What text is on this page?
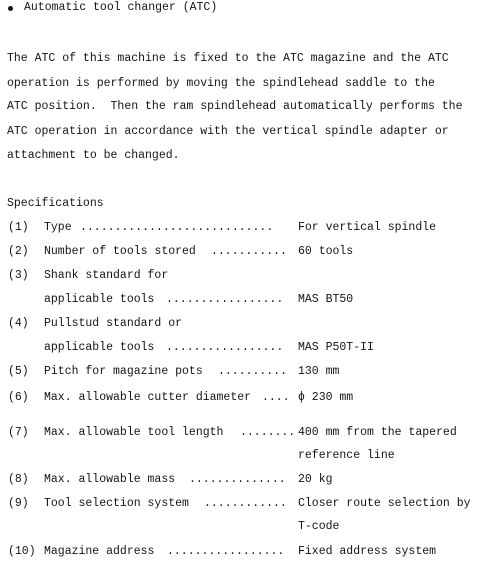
Automatic tool changer (ATC)
The ATC of this machine is fixed to the ATC magazine and the ATC
operation is performed by moving the spindlehead saddle to the
ATC position.  Then the ram spindlehead automatically performs the
ATC operation in accordance with the vertical spindle adapter or
attachment to be changed.
Specifications
(1) Type ............................	For vertical spindle
(2) Number of tools stored ........... 60 tools
(3) Shank standard for
applicable tools .................	MAS BT50
(4) Pullstud standard or
applicable tools .................	MAS P50T-II
(5) Pitch for magazine pots .......... 130 mm
(6) Max. allowable cutter diameter .... ϕ 230 mm
(7) Max. allowable tool length ........ 400 mm from the tapered
reference line
(8) Max. allowable mass ..............	20 kg
(9) Tool selection system ............ Closer route selection by
T-code
(10) Magazine address .................	Fixed address system
